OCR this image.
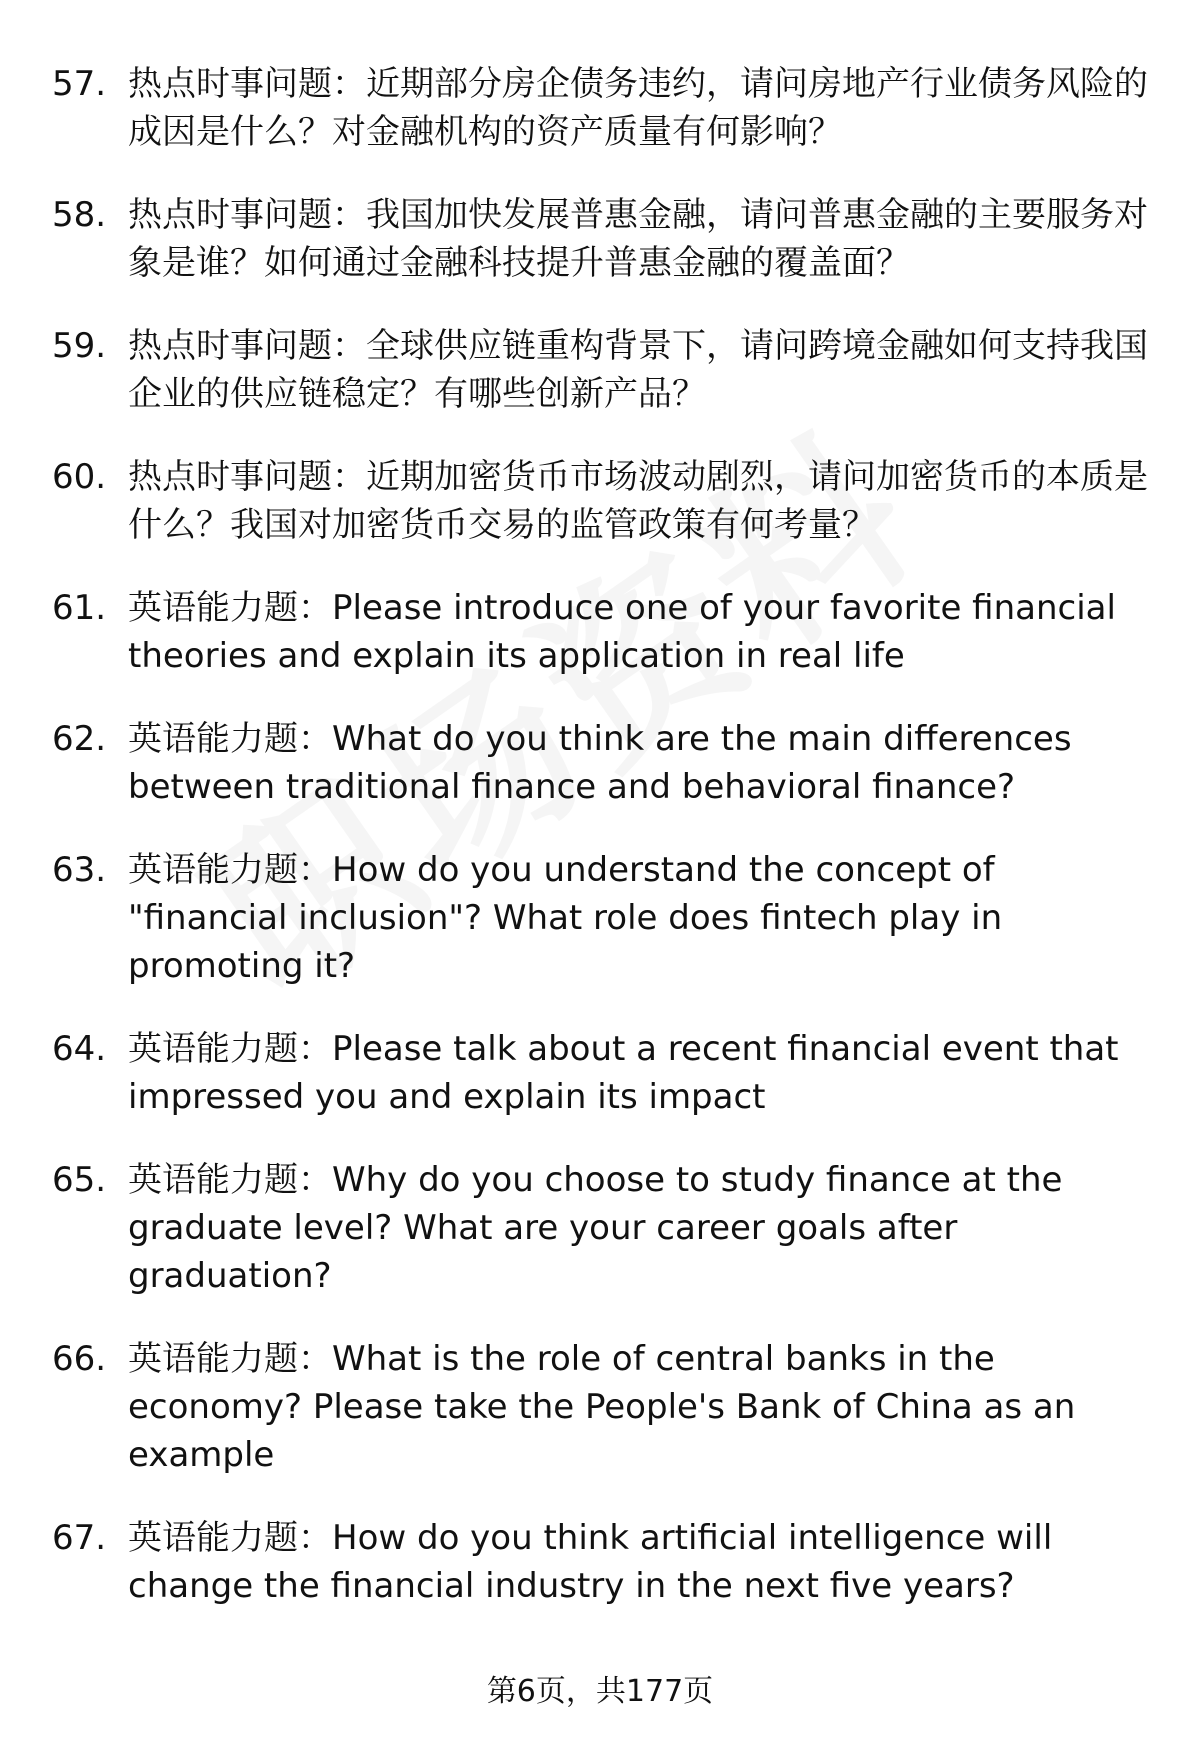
57. 热点时事问题：近期部分房企债务违约，请问房地产行业债务风险的成因是什么？对金融机构的资产质量有何影响？
58. 热点时事问题：我国加快发展普惠金融，请问普惠金融的主要服务对象是谁？如何通过金融科技提升普惠金融的覆盖面？
59. 热点时事问题：全球供应链重构背景下，请问跨境金融如何支持我国企业的供应链稳定？有哪些创新产品？
60. 热点时事问题：近期加密货币市场波动剧烈，请问加密货币的本质是什么？我国对加密货币交易的监管政策有何考量？
61. 英语能力题：Please introduce one of your favorite financial theories and explain its application in real life
62. 英语能力题：What do you think are the main differences between traditional finance and behavioral finance?
63. 英语能力题：How do you understand the concept of "financial inclusion"? What role does fintech play in promoting it?
64. 英语能力题：Please talk about a recent financial event that impressed you and explain its impact
65. 英语能力题：Why do you choose to study finance at the graduate level? What are your career goals after graduation?
66. 英语能力题：What is the role of central banks in the economy? Please take the People's Bank of China as an example
67. 英语能力题：How do you think artificial intelligence will change the financial industry in the next five years?
第6页，共177页
